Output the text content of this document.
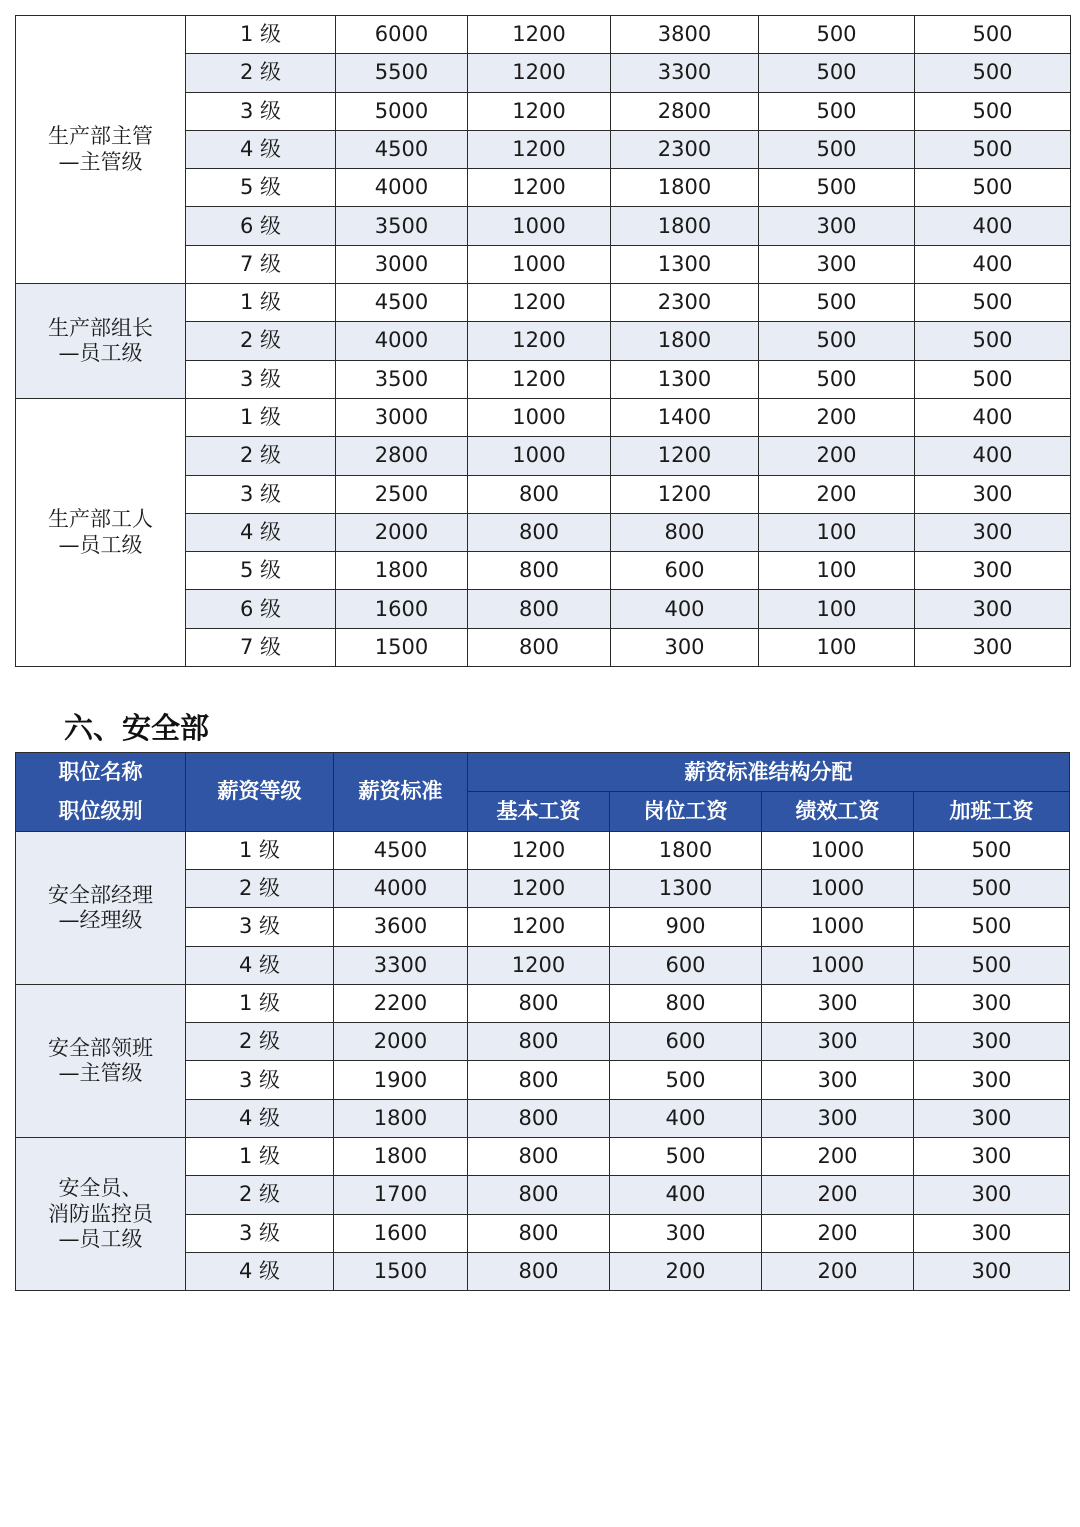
生产部主管
—主管级	1 级	6000	1200	3800	500	500
	2 级	5500	1200	3300	500	500
	3 级	5000	1200	2800	500	500
	4 级	4500	1200	2300	500	500
	5 级	4000	1200	1800	500	500
	6 级	3500	1000	1800	300	400
	7 级	3000	1000	1300	300	400
生产部组长
—员工级	1 级	4500	1200	2300	500	500
	2 级	4000	1200	1800	500	500
	3 级	3500	1200	1300	500	500
生产部工人
—员工级	1 级	3000	1000	1400	200	400
	2 级	2800	1000	1200	200	400
	3 级	2500	800	1200	200	300
	4 级	2000	800	800	100	300
	5 级	1800	800	600	100	300
	6 级	1600	800	400	100	300
	7 级	1500	800	300	100	300
六、安全部
职位名称
职位级别	薪资等级	薪资标准	薪资标准结构分配			
			基本工资	岗位工资	绩效工资	加班工资
安全部经理
—经理级	1 级	4500	1200	1800	1000	500
	2 级	4000	1200	1300	1000	500
	3 级	3600	1200	900	1000	500
	4 级	3300	1200	600	1000	500
安全部领班
—主管级	1 级	2200	800	800	300	300
	2 级	2000	800	600	300	300
	3 级	1900	800	500	300	300
	4 级	1800	800	400	300	300
安全员、
消防监控员
—员工级	1 级	1800	800	500	200	300
	2 级	1700	800	400	200	300
	3 级	1600	800	300	200	300
	4 级	1500	800	200	200	300
